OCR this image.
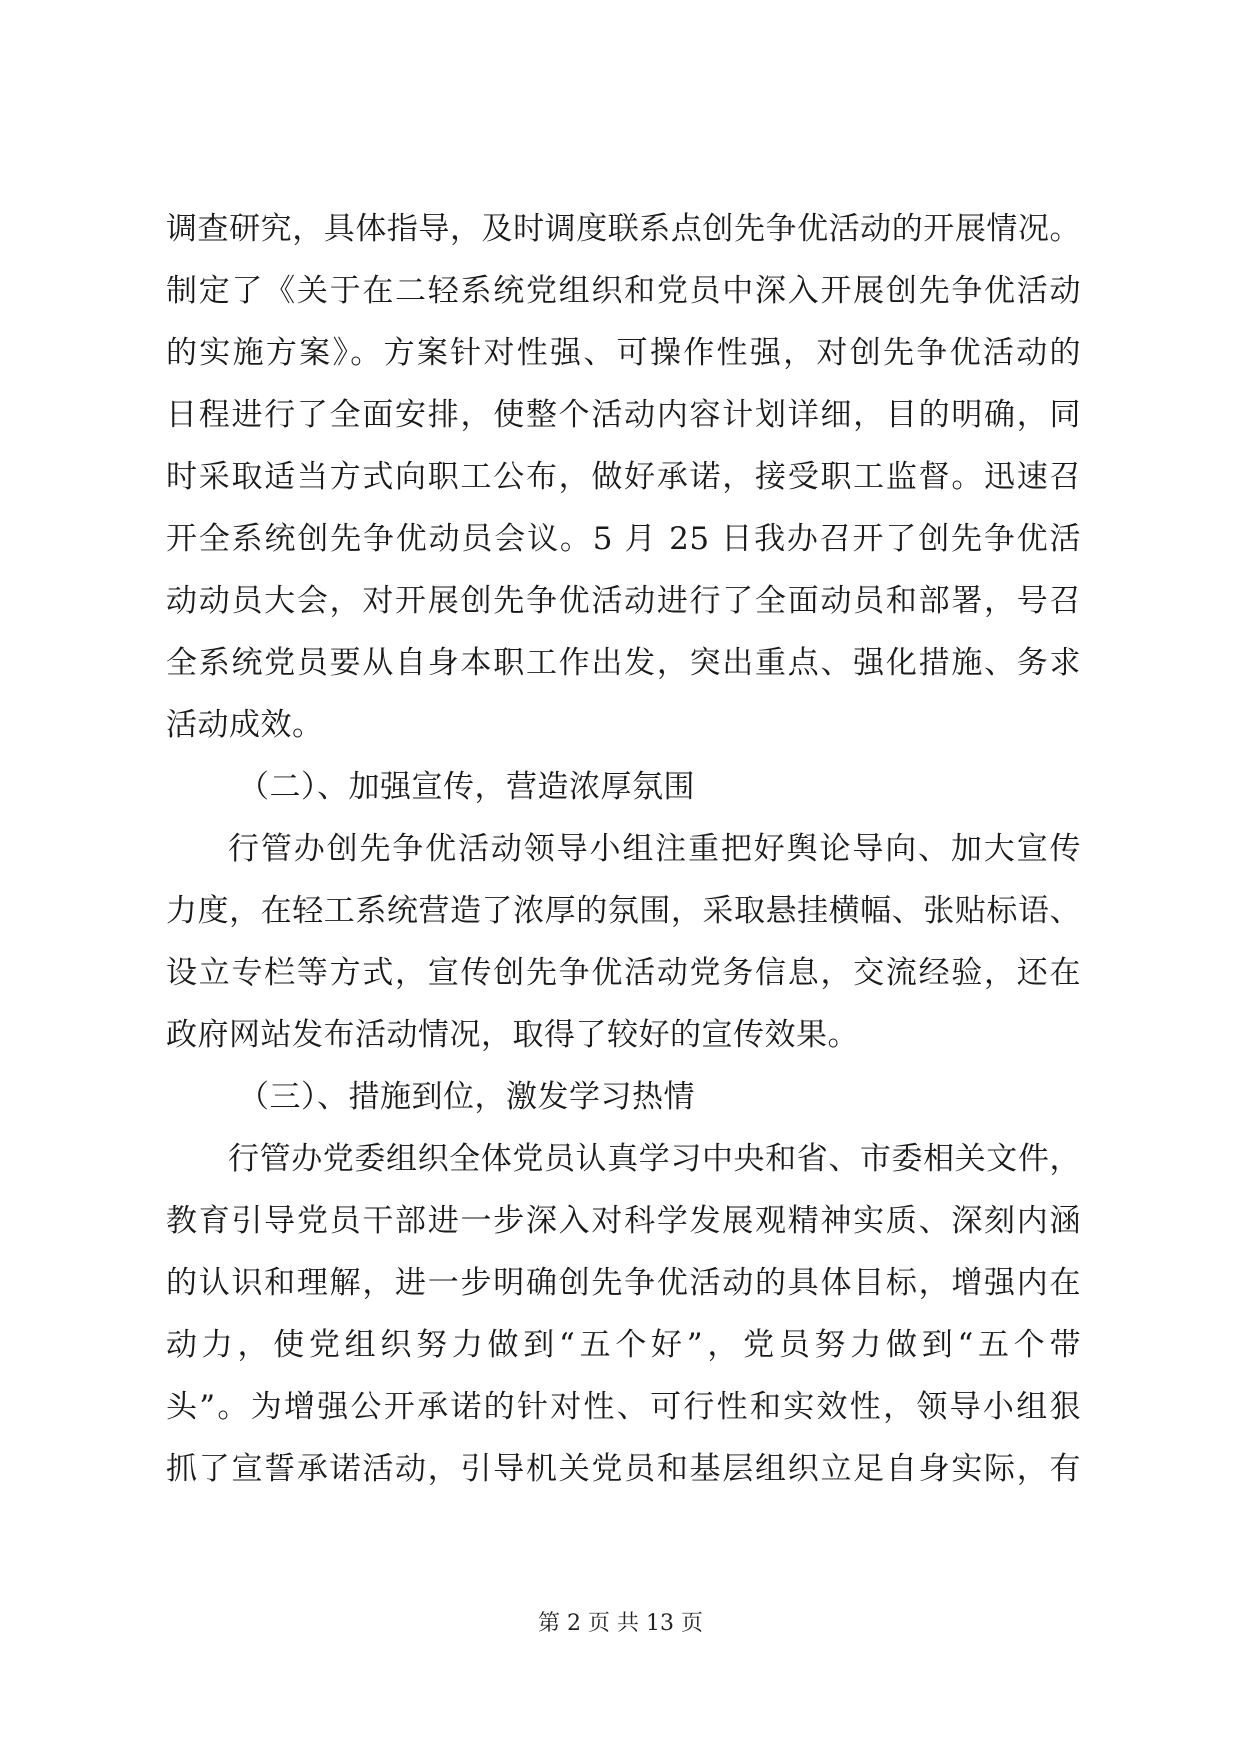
调查研究，具体指导，及时调度联系点创先争优活动的开展情况。
制定了《关于在二轻系统党组织和党员中深入开展创先争优活动
的实施方案》。方案针对性强、可操作性强，对创先争优活动的
日程进行了全面安排，使整个活动内容计划详细，目的明确，同
时采取适当方式向职工公布，做好承诺，接受职工监督。迅速召
开全系统创先争优动员会议。5 月 25 日我办召开了创先争优活
动动员大会，对开展创先争优活动进行了全面动员和部署，号召
全系统党员要从自身本职工作出发，突出重点、强化措施、务求
活动成效。
（二）、加强宣传，营造浓厚氛围
行管办创先争优活动领导小组注重把好舆论导向、加大宣传
力度，在轻工系统营造了浓厚的氛围，采取悬挂横幅、张贴标语、
设立专栏等方式，宣传创先争优活动党务信息，交流经验，还在
政府网站发布活动情况，取得了较好的宣传效果。
（三）、措施到位，激发学习热情
行管办党委组织全体党员认真学习中央和省、市委相关文件，
教育引导党员干部进一步深入对科学发展观精神实质、深刻内涵
的认识和理解，进一步明确创先争优活动的具体目标，增强内在
动力，使党组织努力做到“五个好”，党员努力做到“五个带
头”。为增强公开承诺的针对性、可行性和实效性，领导小组狠
抓了宣誓承诺活动，引导机关党员和基层组织立足自身实际，有
第 2 页 共 13 页
